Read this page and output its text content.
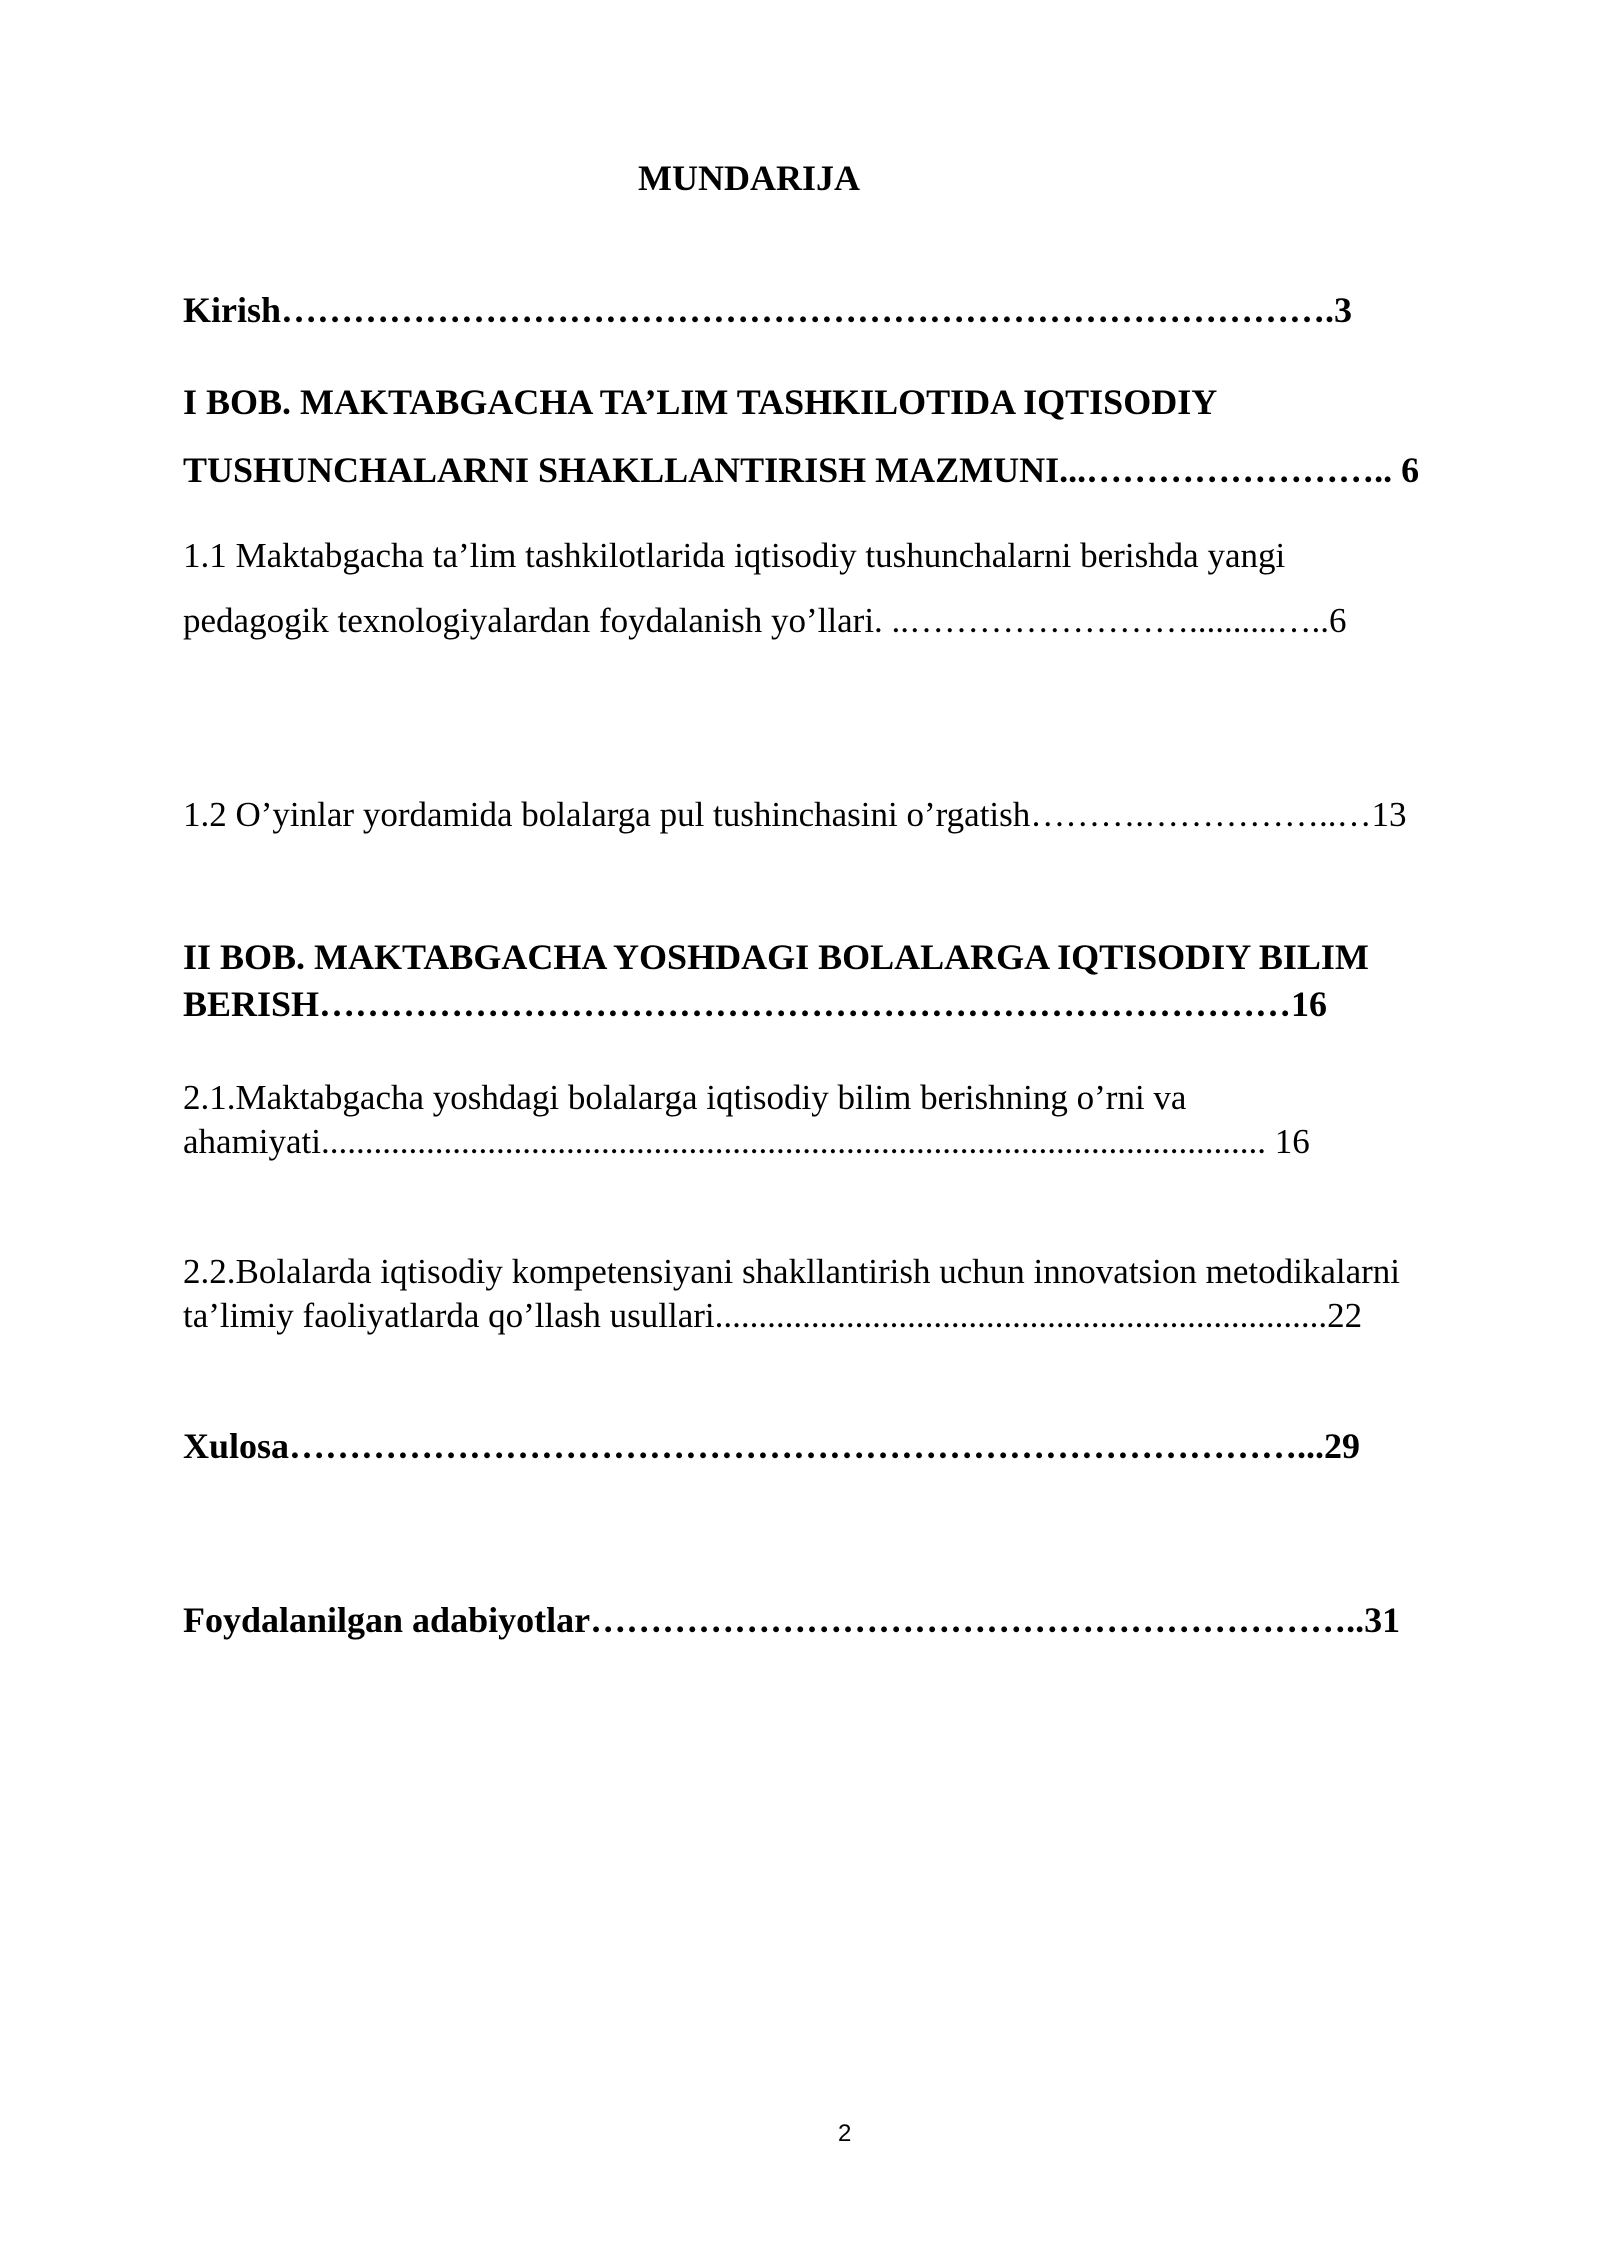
MUNDARIJA
Kirish…………………………………………………………………………….3
I BOB. MAKTABGACHA TA’LIM TASHKILOTIDA IQTISODIY
TUSHUNCHALARNI SHAKLLANTIRISH MAZMUNI...…………………….. 6
1.1 Maktabgacha ta’lim tashkilotlarida iqtisodiy tushunchalarni berishda yangi
pedagogik texnologiyalardan foydalanish yo’llari. ..……………………..........…..6
1.2 O’yinlar yordamida bolalarga pul tushinchasini o’rgatish……….……………..…13
II BOB. MAKTABGACHA YOSHDAGI BOLALARGA IQTISODIY BILIM
BERISH………………………………………………………………………16
2.1.Maktabgacha yoshdagi bolalarga iqtisodiy bilim berishning o’rni va
ahamiyati............................................................................................................ 16
2.2.Bolalarda iqtisodiy kompetensiyani shakllantirish uchun innovatsion metodikalarni
ta’limiy faoliyatlarda qo’llash usullari......................................................................22
Xulosa…………………………………………………………………………...29
Foydalanilgan adabiyotlar………………………………………………………..31
2
